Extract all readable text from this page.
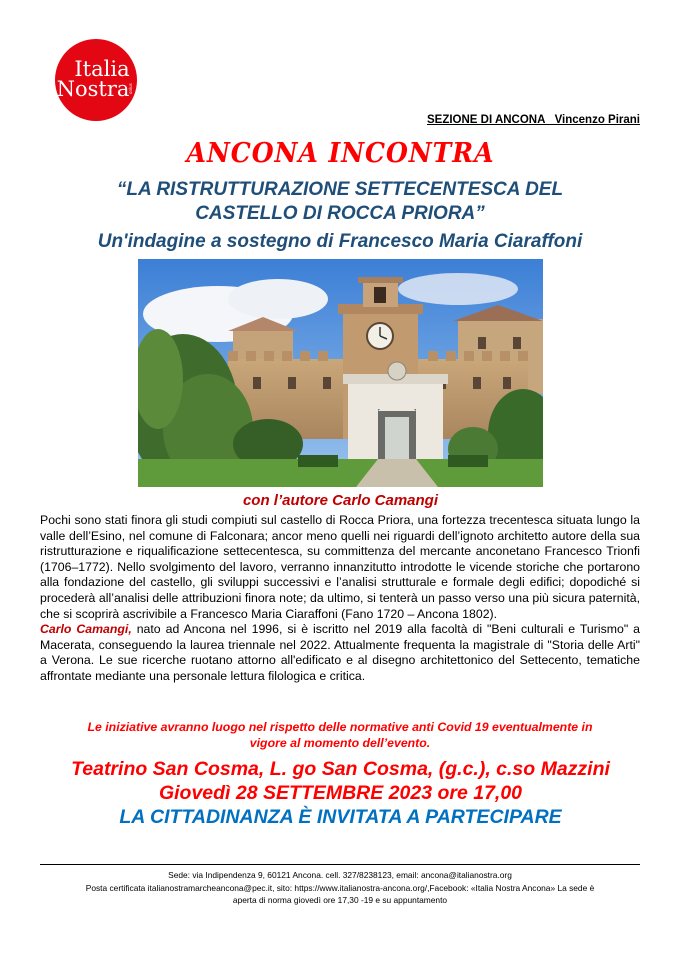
Italia
Nostra
onlus
SEZIONE DI ANCONA   Vincenzo Pirani
ANCONA INCONTRA
“LA RISTRUTTURAZIONE SETTECENTESCA DEL
CASTELLO DI ROCCA PRIORA”
Un'indagine a sostegno di Francesco Maria Ciaraffoni
con l’autore Carlo Camangi

Pochi sono stati finora gli studi compiuti sul castello di Rocca Priora, una fortezza trecentesca situata lungo la valle dell’Esino, nel comune di Falconara; ancor meno quelli nei riguardi dell’ignoto architetto autore della sua ristrutturazione e riqualificazione settecentesca, su committenza del mercante anconetano Francesco Trionfi (1706–1772). Nello svolgimento del lavoro, verranno innanzitutto introdotte le vicende storiche che portarono alla fondazione del castello, gli sviluppi successivi e l’analisi strutturale e formale degli edifici; dopodiché si procederà all’analisi delle attribuzioni finora note; da ultimo, si tenterà un passo verso una più sicura paternità, che si scoprirà ascrivibile a Francesco Maria Ciaraffoni (Fano 1720 – Ancona 1802).

Carlo Camangi, nato ad Ancona nel 1996, si è iscritto nel 2019 alla facoltà di "Beni culturali e Turismo" a Macerata, conseguendo la laurea triennale nel 2022. Attualmente frequenta la magistrale di "Storia delle Arti" a Verona. Le sue ricerche ruotano attorno all'edificato e al disegno architettonico del Settecento, tematiche affrontate mediante una personale lettura filologica e critica.

Le iniziative avranno luogo nel rispetto delle normative anti Covid 19 eventualmente in
vigore al momento dell’evento.
Teatrino San Cosma, L. go San Cosma, (g.c.), c.so Mazzini
Giovedì 28 SETTEMBRE 2023 ore 17,00
LA CITTADINANZA È INVITATA A PARTECIPARE
Sede: via Indipendenza 9, 60121 Ancona. cell. 327/8238123, email: ancona@italianostra.org
Posta certificata italianostramarcheancona@pec.it, sito: https://www.italianostra-ancona.org/,Facebook: «Italia Nostra Ancona» La sede è
aperta di norma giovedì ore 17,30 -19 e su appuntamento
